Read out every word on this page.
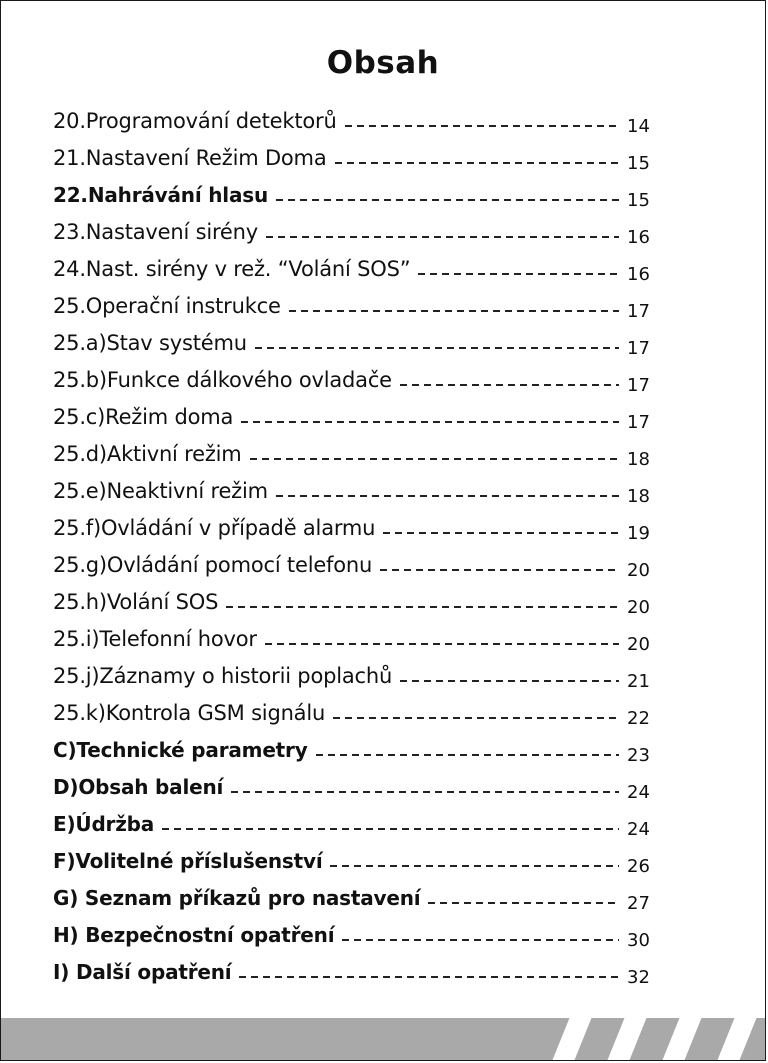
Obsah
20.Programování detektorů	14
21.Nastavení Režim Doma	15
22.Nahrávání hlasu	15
23.Nastavení sirény	16
24.Nast. sirény v rež. “Volání SOS”	16
25.Operační instrukce	17
25.a)Stav systému	17
25.b)Funkce dálkového ovladače	17
25.c)Režim doma	17
25.d)Aktivní režim	18
25.e)Neaktivní režim	18
25.f)Ovládání v případě alarmu	19
25.g)Ovládání pomocí telefonu	20
25.h)Volání SOS	20
25.i)Telefonní hovor	20
25.j)Záznamy o historii poplachů	21
25.k)Kontrola GSM signálu	22
C)Technické parametry	23
D)Obsah balení	24
E)Údržba	24
F)Volitelné příslušenství	26
G) Seznam příkazů pro nastavení	27
H) Bezpečnostní opatření	30
I) Další opatření	32
